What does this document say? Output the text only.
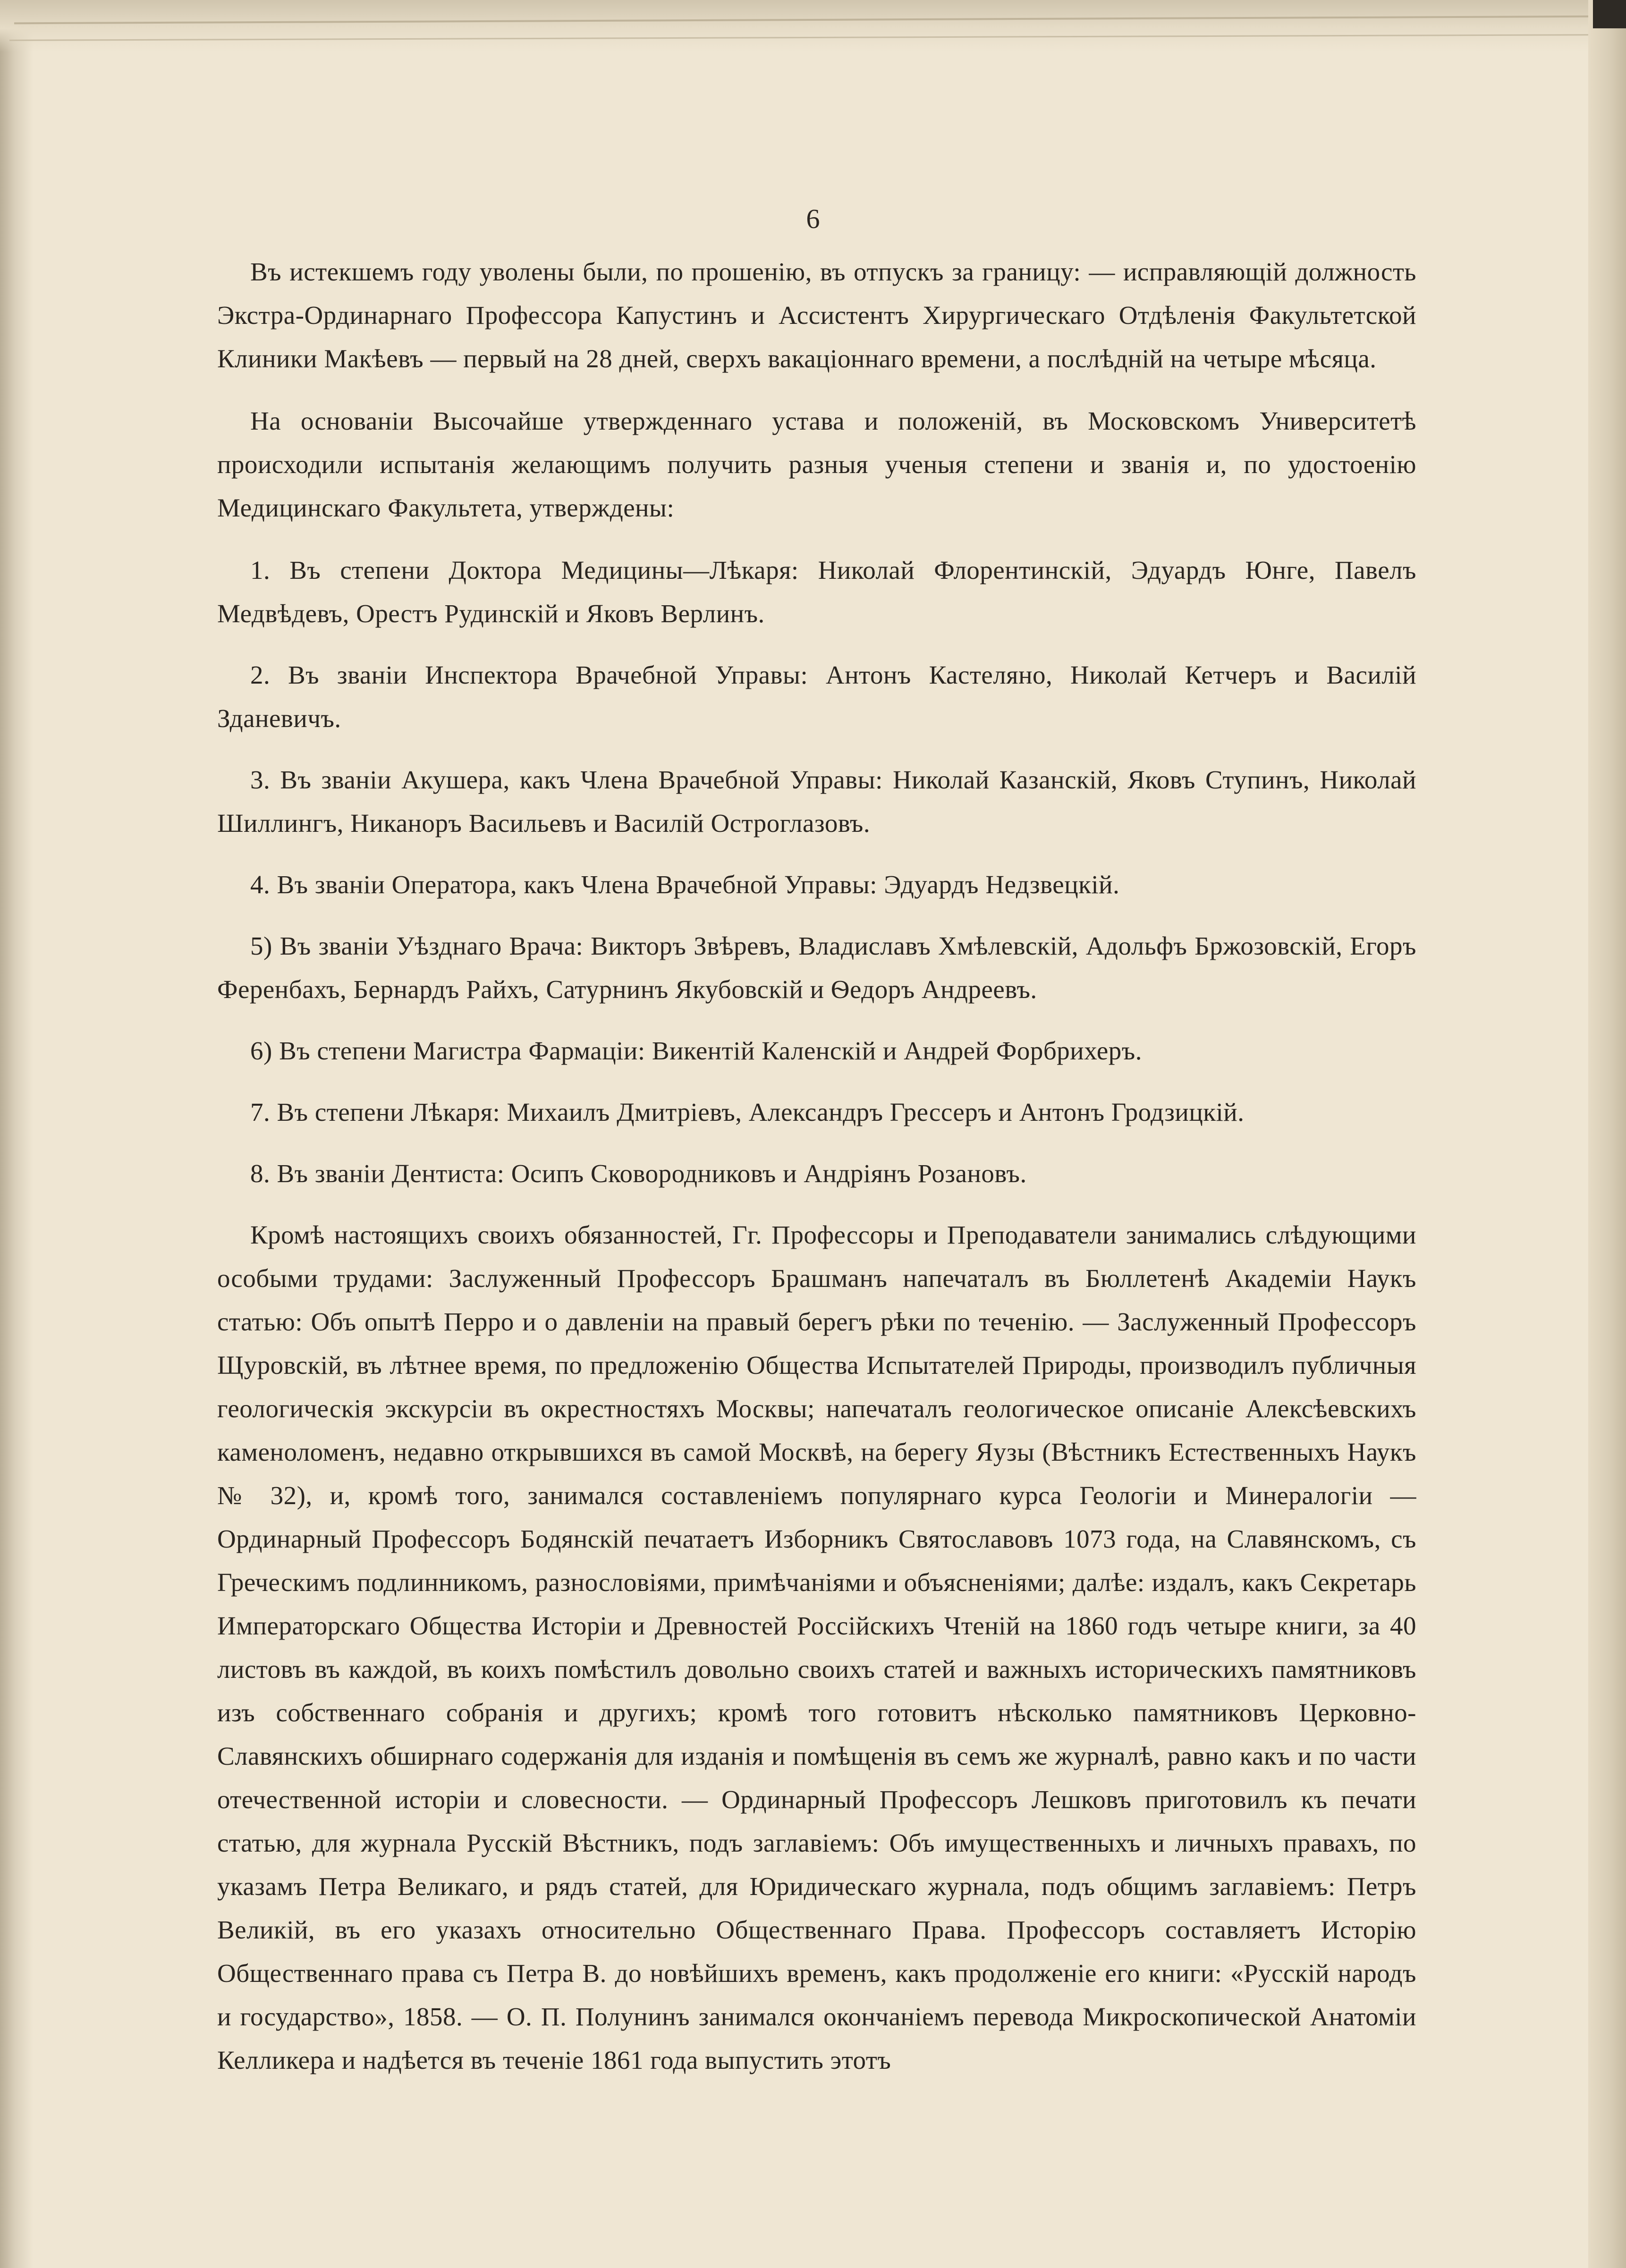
6

Въ истекшемъ году уволены были, по прошенію, въ отпускъ за границу: — исправляющій должность Экстра-Ординарнаго Профессора Капустинъ и Ассистентъ Хирургическаго Отдѣленія Факультетской Клиники Макѣевъ — первый на 28 дней, сверхъ вакаціоннаго времени, а послѣдній на четыре мѣсяца.

На основаніи Высочайше утвержденнаго устава и положеній, въ Московскомъ Университетѣ происходили испытанія желающимъ получить разныя ученыя степени и званія и, по удостоенію Медицинскаго Факультета, утверждены:

1. Въ степени Доктора Медицины—Лѣкаря: Николай Флорентинскій, Эдуардъ Юнге, Павелъ Медвѣдевъ, Орестъ Рудинскій и Яковъ Верлинъ.

2. Въ званіи Инспектора Врачебной Управы: Антонъ Кастеляно, Николай Кетчеръ и Василій Зданевичъ.

3. Въ званіи Акушера, какъ Члена Врачебной Управы: Николай Казанскій, Яковъ Ступинъ, Николай Шиллингъ, Никаноръ Васильевъ и Василій Остроглазовъ.

4. Въ званіи Оператора, какъ Члена Врачебной Управы: Эдуардъ Недзвецкій.

5) Въ званіи Уѣзднаго Врача: Викторъ Звѣревъ, Владиславъ Хмѣлевскій, Адольфъ Бржозовскій, Егоръ Ференбахъ, Бернардъ Райхъ, Сатурнинъ Якубовскій и Ѳедоръ Андреевъ.

6) Въ степени Магистра Фармаціи: Викентій Каленскій и Андрей Форбрихеръ.

7. Въ степени Лѣкаря: Михаилъ Дмитріевъ, Александръ Грессеръ и Антонъ Гродзицкій.

8. Въ званіи Дентиста: Осипъ Сковородниковъ и Андріянъ Розановъ.

Кромѣ настоящихъ своихъ обязанностей, Гг. Профессоры и Преподаватели занимались слѣдующими особыми трудами: Заслуженный Профессоръ Брашманъ напечаталъ въ Бюллетенѣ Академіи Наукъ статью: Объ опытѣ Перро и о давленіи на правый берегъ рѣки по теченію. — Заслуженный Профессоръ Щуровскій, въ лѣтнее время, по предложенію Общества Испытателей Природы, производилъ публичныя геологическія экскурсіи въ окрестностяхъ Москвы; напечаталъ геологическое описаніе Алексѣевскихъ каменоломенъ, недавно открывшихся въ самой Москвѣ, на берегу Яузы (Вѣстникъ Естественныхъ Наукъ № 32), и, кромѣ того, занимался составленіемъ популярнаго курса Геологіи и Минералогіи — Ординарный Профессоръ Бодянскій печатаетъ Изборникъ Святославовъ 1073 года, на Славянскомъ, съ Греческимъ подлинникомъ, разнословіями, примѣчаніями и объясненіями; далѣе: издалъ, какъ Секретарь Императорскаго Общества Исторіи и Древностей Россійскихъ Чтеній на 1860 годъ четыре книги, за 40 листовъ въ каждой, въ коихъ помѣстилъ довольно своихъ статей и важныхъ историческихъ памятниковъ изъ собственнаго собранія и другихъ; кромѣ того готовитъ нѣсколько памятниковъ Церковно-Славянскихъ обширнаго содержанія для изданія и помѣщенія въ семъ же журналѣ, равно какъ и по части отечественной исторіи и словесности. — Ординарный Профессоръ Лешковъ приготовилъ къ печати статью, для журнала Русскій Вѣстникъ, подъ заглавіемъ: Объ имущественныхъ и личныхъ правахъ, по указамъ Петра Великаго, и рядъ статей, для Юридическаго журнала, подъ общимъ заглавіемъ: Петръ Великій, въ его указахъ относительно Общественнаго Права. Профессоръ составляетъ Исторію Общественнаго права съ Петра В. до новѣйшихъ временъ, какъ продолженіе его книги: «Русскій народъ и государство», 1858. — О. П. Полунинъ занимался окончаніемъ перевода Микроскопической Анатоміи Келликера и надѣется въ теченіе 1861 года выпустить этотъ
